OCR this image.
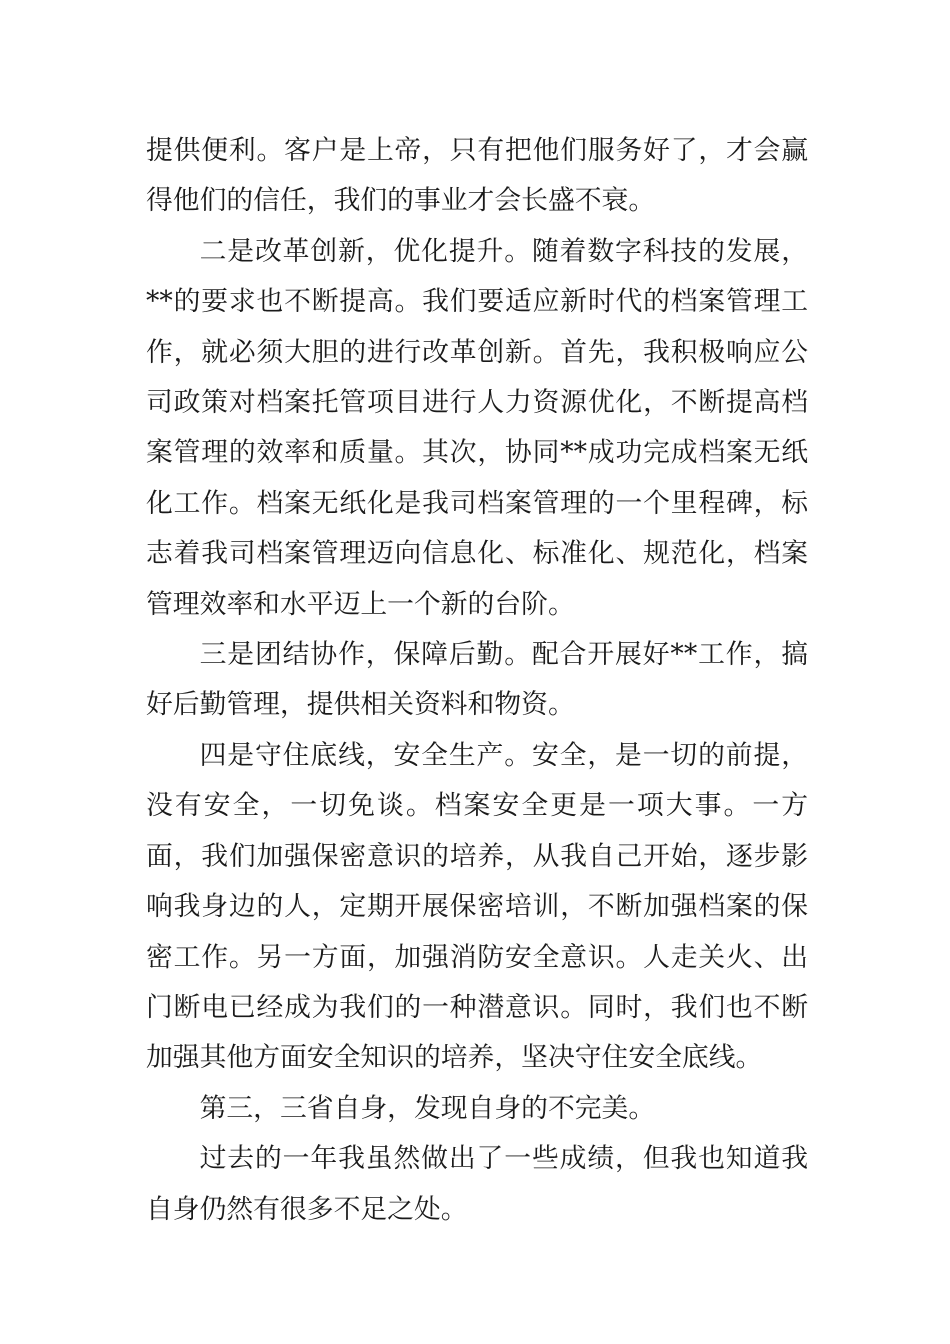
提供便利。客户是上帝，只有把他们服务好了，才会赢得他们的信任，我们的事业才会长盛不衰。

二是改革创新，优化提升。随着数字科技的发展，**的要求也不断提高。我们要适应新时代的档案管理工作，就必须大胆的进行改革创新。首先，我积极响应公司政策对档案托管项目进行人力资源优化，不断提高档案管理的效率和质量。其次，协同**成功完成档案无纸化工作。档案无纸化是我司档案管理的一个里程碑，标志着我司档案管理迈向信息化、标准化、规范化，档案管理效率和水平迈上一个新的台阶。

三是团结协作，保障后勤。配合开展好**工作，搞好后勤管理，提供相关资料和物资。

四是守住底线，安全生产。安全，是一切的前提，没有安全，一切免谈。档案安全更是一项大事。一方面，我们加强保密意识的培养，从我自己开始，逐步影响我身边的人，定期开展保密培训，不断加强档案的保密工作。另一方面，加强消防安全意识。人走关火、出门断电已经成为我们的一种潜意识。同时，我们也不断加强其他方面安全知识的培养，坚决守住安全底线。

第三，三省自身，发现自身的不完美。

过去的一年我虽然做出了一些成绩，但我也知道我自身仍然有很多不足之处。
